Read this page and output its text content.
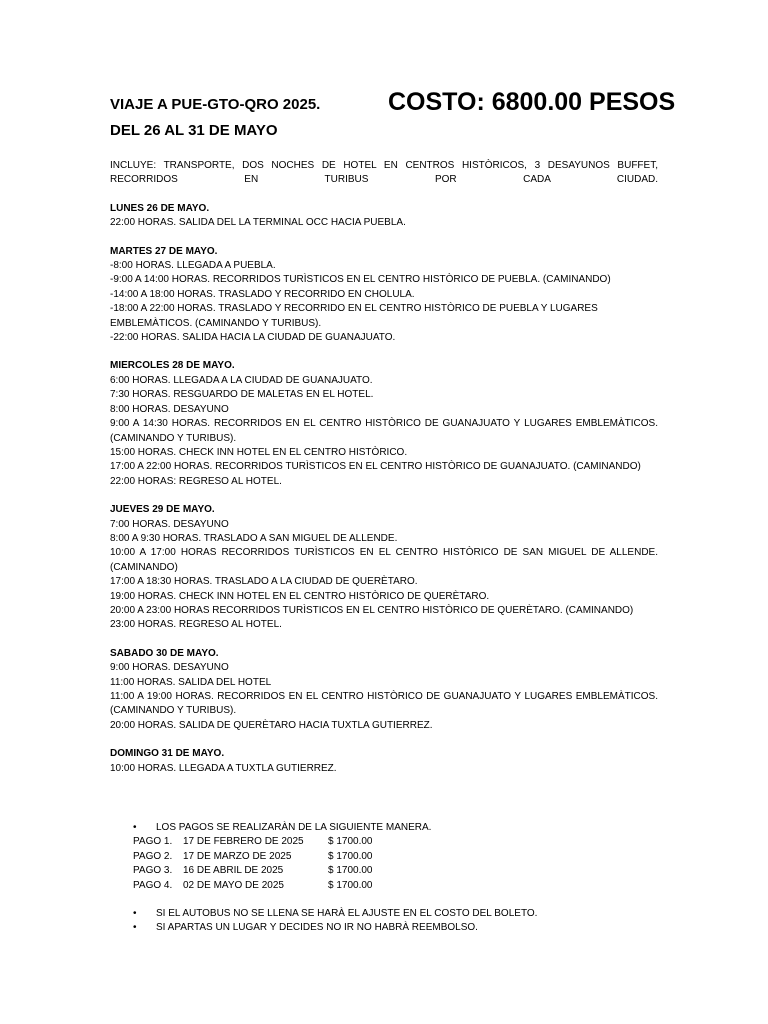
VIAJE A PUE-GTO-QRO 2025.	COSTO: 6800.00 PESOS
DEL 26 AL 31 DE MAYO
INCLUYE: TRANSPORTE, DOS NOCHES DE HOTEL EN CENTROS HISTÒRICOS, 3 DESAYUNOS BUFFET, RECORRIDOS EN TURIBUS POR CADA CIUDAD.
LUNES 26 DE MAYO.
22:00 HORAS. SALIDA DEL LA TERMINAL OCC HACIA PUEBLA.
MARTES 27 DE MAYO.
-8:00 HORAS. LLEGADA A PUEBLA.
-9:00 A 14:00 HORAS. RECORRIDOS TURÌSTICOS EN EL CENTRO HISTÒRICO DE PUEBLA. (CAMINANDO)
-14:00 A 18:00 HORAS. TRASLADO Y RECORRIDO EN CHOLULA.
-18:00 A 22:00 HORAS. TRASLADO Y RECORRIDO EN EL CENTRO HISTÒRICO DE PUEBLA Y LUGARES EMBLEMÀTICOS. (CAMINANDO Y TURIBUS).
-22:00 HORAS. SALIDA HACIA LA CIUDAD DE GUANAJUATO.
MIERCOLES 28 DE MAYO.
6:00 HORAS. LLEGADA A LA CIUDAD DE GUANAJUATO.
7:30 HORAS. RESGUARDO DE MALETAS EN EL HOTEL.
8:00 HORAS. DESAYUNO
9:00 A 14:30 HORAS. RECORRIDOS EN EL CENTRO HISTÒRICO DE GUANAJUATO Y LUGARES EMBLEMÀTICOS. (CAMINANDO Y TURIBUS).
15:00 HORAS. CHECK INN HOTEL EN EL CENTRO HISTÒRICO.
17:00 A 22:00 HORAS. RECORRIDOS TURÌSTICOS EN EL CENTRO HISTÒRICO DE GUANAJUATO. (CAMINANDO)
22:00 HORAS: REGRESO AL HOTEL.
JUEVES 29 DE MAYO.
7:00 HORAS. DESAYUNO
8:00 A 9:30 HORAS. TRASLADO A SAN MIGUEL DE ALLENDE.
10:00 A 17:00 HORAS RECORRIDOS TURÌSTICOS EN EL CENTRO HISTÒRICO DE SAN MIGUEL DE ALLENDE. (CAMINANDO)
17:00 A 18:30 HORAS. TRASLADO A LA CIUDAD DE QUERÈTARO.
19:00 HORAS. CHECK INN HOTEL EN EL CENTRO HISTÒRICO DE QUERÈTARO.
20:00 A 23:00 HORAS RECORRIDOS TURÌSTICOS EN EL CENTRO HISTÒRICO DE QUERÈTARO. (CAMINANDO)
23:00 HORAS. REGRESO AL HOTEL.
SABADO 30 DE MAYO.
9:00 HORAS. DESAYUNO
11:00 HORAS. SALIDA DEL HOTEL
11:00 A 19:00 HORAS. RECORRIDOS EN EL CENTRO HISTÒRICO DE GUANAJUATO Y LUGARES EMBLEMÀTICOS. (CAMINANDO Y TURIBUS).
20:00 HORAS. SALIDA DE QUERÈTARO HACIA TUXTLA GUTIERREZ.
DOMINGO 31 DE MAYO.
10:00 HORAS. LLEGADA A TUXTLA GUTIERREZ.
• LOS PAGOS SE REALIZARÀN DE LA SIGUIENTE MANERA.
PAGO 1.	17 DE FEBRERO DE 2025	$ 1700.00
PAGO 2.	17 DE MARZO DE 2025	$ 1700.00
PAGO 3.	16 DE ABRIL DE 2025	$ 1700.00
PAGO 4.	02 DE MAYO DE 2025	$ 1700.00
• SI EL AUTOBUS NO SE LLENA SE HARÀ EL AJUSTE EN EL COSTO DEL BOLETO.
• SI APARTAS UN LUGAR Y DECIDES NO IR NO HABRÀ REEMBOLSO.
